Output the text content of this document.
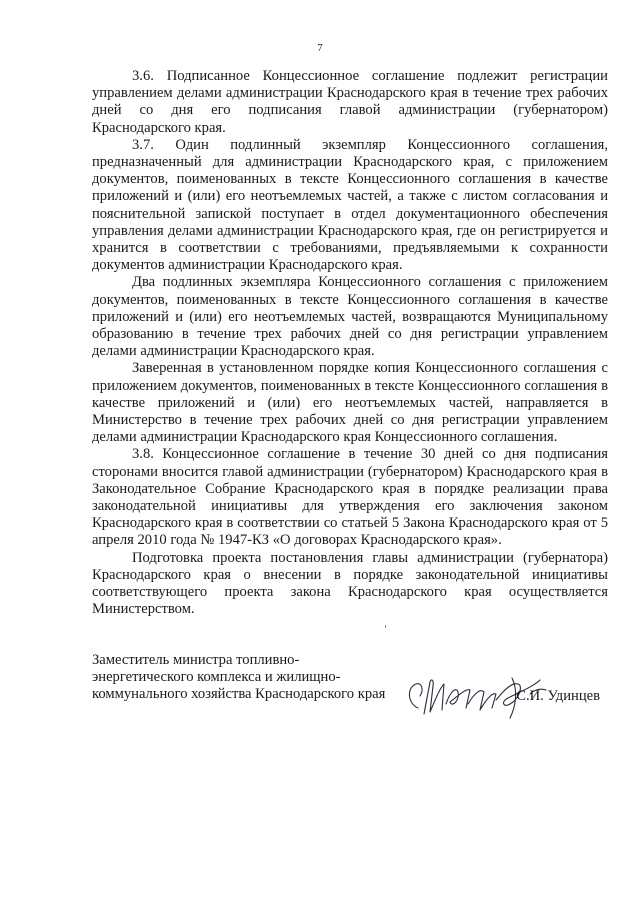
7

3.6. Подписанное Концессионное соглашение подлежит регистрации управлением делами администрации Краснодарского края в течение трех рабочих дней со дня его подписания главой администрации (губернатором) Краснодарского края.

3.7. Один подлинный экземпляр Концессионного соглашения, предназначенный для администрации Краснодарского края, с приложением документов, поименованных в тексте Концессионного соглашения в качестве приложений и (или) его неотъемлемых частей, а также с листом согласования и пояснительной запиской поступает в отдел документационного обеспечения управления делами администрации Краснодарского края, где он регистрируется и хранится в соответствии с требованиями, предъявляемыми к сохранности документов администрации Краснодарского края.

Два подлинных экземпляра Концессионного соглашения с приложением документов, поименованных в тексте Концессионного соглашения в качестве приложений и (или) его неотъемлемых частей, возвращаются Муниципальному образованию в течение трех рабочих дней со дня регистрации управлением делами администрации Краснодарского края.

Заверенная в установленном порядке копия Концессионного соглашения с приложением документов, поименованных в тексте Концессионного соглашения в качестве приложений и (или) его неотъемлемых частей, направляется в Министерство в течение трех рабочих дней со дня регистрации управлением делами администрации Краснодарского края Концессионного соглашения.

3.8. Концессионное соглашение в течение 30 дней со дня подписания сторонами вносится главой администрации (губернатором) Краснодарского края в Законодательное Собрание Краснодарского края в порядке реализации права законодательной инициативы для утверждения его заключения законом Краснодарского края в соответствии со статьей 5 Закона Краснодарского края от 5 апреля 2010 года № 1947-КЗ «О договорах Краснодарского края».

Подготовка проекта постановления главы администрации (губернатора) Краснодарского края о внесении в порядке законодательной инициативы соответствующего проекта закона Краснодарского края осуществляется Министерством.

Заместитель министра топливно-
энергетического комплекса и жилищно-
коммунального хозяйства Краснодарского края	С.И. Удинцев
